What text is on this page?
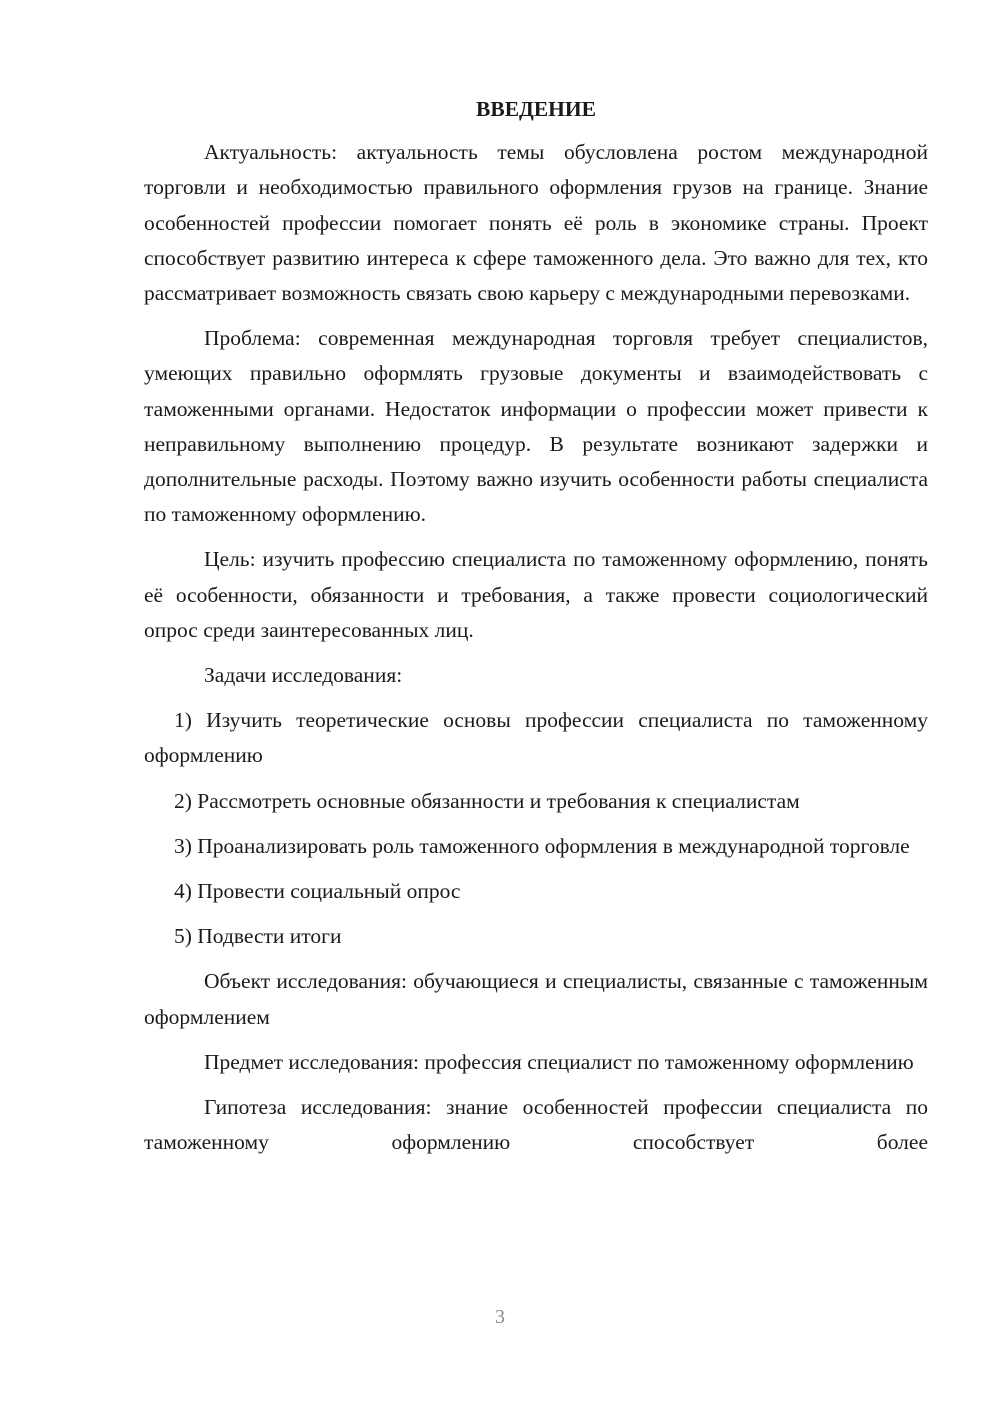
ВВЕДЕНИЕ

Актуальность: актуальность темы обусловлена ростом международной торговли и необходимостью правильного оформления грузов на границе. Знание особенностей профессии помогает понять её роль в экономике страны. Проект способствует развитию интереса к сфере таможенного дела. Это важно для тех, кто рассматривает возможность связать свою карьеру с международными перевозками.

Проблема: современная международная торговля требует специалистов, умеющих правильно оформлять грузовые документы и взаимодействовать с таможенными органами. Недостаток информации о профессии может привести к неправильному выполнению процедур. В результате возникают задержки и дополнительные расходы. Поэтому важно изучить особенности работы специалиста по таможенному оформлению.

Цель: изучить профессию специалиста по таможенному оформлению, понять её особенности, обязанности и требования, а также провести социологический опрос среди заинтересованных лиц.

Задачи исследования:

1) Изучить теоретические основы профессии специалиста по таможенному оформлению

2) Рассмотреть основные обязанности и требования к специалистам

3) Проанализировать роль таможенного оформления в международной торговле

4) Провести социальный опрос

5) Подвести итоги

Объект исследования: обучающиеся и специалисты, связанные с таможенным оформлением

Предмет исследования: профессия специалист по таможенному оформлению

Гипотеза исследования: знание особенностей профессии специалиста по таможенному оформлению способствует более

3
